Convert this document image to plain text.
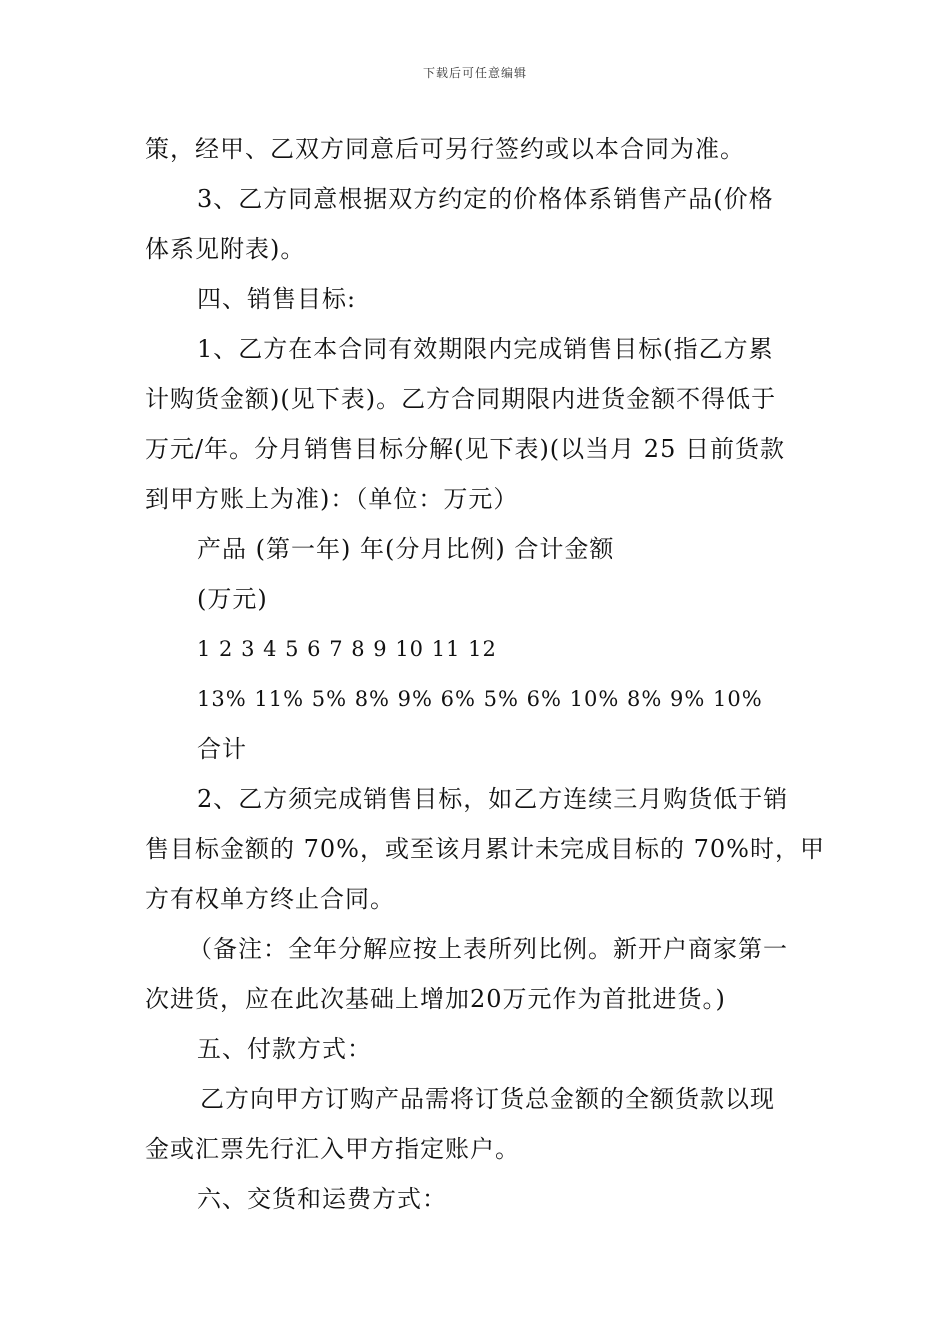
下载后可任意编辑
策，经甲、乙双方同意后可另行签约或以本合同为准。
3、乙方同意根据双方约定的价格体系销售产品(价格
体系见附表)。
四、销售目标:
1、乙方在本合同有效期限内完成销售目标(指乙方累
计购货金额)(见下表)。乙方合同期限内进货金额不得低于
万元/年。分月销售目标分解(见下表)(以当月 25 日前货款
到甲方账上为准)：（单位：万元）
产品 (第一年) 年(分月比例) 合计金额
(万元)
1 2 3 4 5 6 7 8 9 10 11 12
13% 11% 5% 8% 9% 6% 5% 6% 10% 8% 9% 10%
合计
2、乙方须完成销售目标，如乙方连续三月购货低于销
售目标金额的 70%，或至该月累计未完成目标的 70%时，甲
方有权单方终止合同。
（备注：全年分解应按上表所列比例。新开户商家第一
次进货，应在此次基础上增加20万元作为首批进货。)
五、付款方式：
乙方向甲方订购产品需将订货总金额的全额货款以现
金或汇票先行汇入甲方指定账户。
六、交货和运费方式：
